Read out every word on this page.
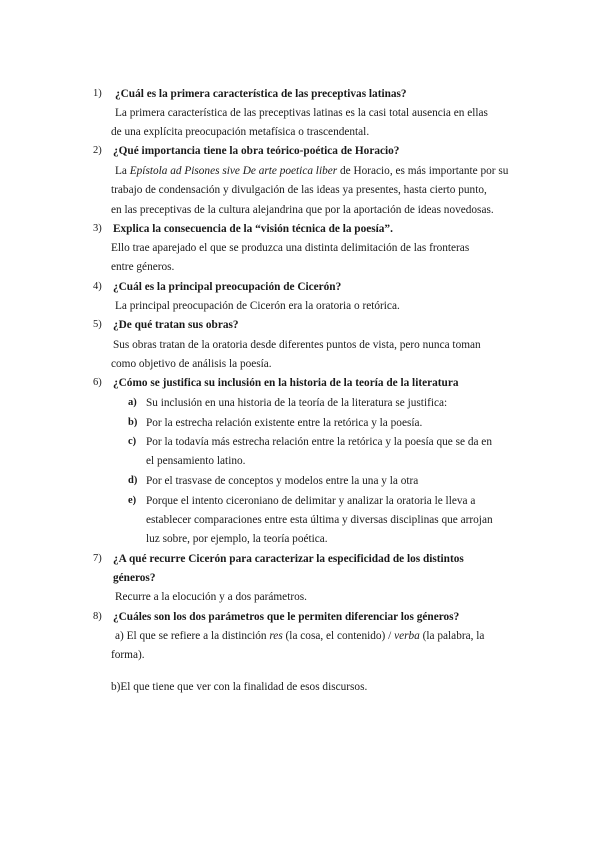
1) ¿Cuál es la primera característica de las preceptivas latinas?
La primera característica de las preceptivas latinas es la casi total ausencia en ellas
de una explícita preocupación metafísica o trascendental.
2) ¿Qué importancia tiene la obra teórico-poética de Horacio?
La Epístola ad Pisones sive De arte poetica liber de Horacio, es más importante por su
trabajo de condensación y divulgación de las ideas ya presentes, hasta cierto punto,
en las preceptivas de la cultura alejandrina que por la aportación de ideas novedosas.
3) Explica la consecuencia de la “visión técnica de la poesía”.
Ello trae aparejado el que se produzca una distinta delimitación de las fronteras
entre géneros.
4) ¿Cuál es la principal preocupación de Cicerón?
La principal preocupación de Cicerón era la oratoria o retórica.
5) ¿De qué tratan sus obras?
Sus obras tratan de la oratoria desde diferentes puntos de vista, pero nunca toman
como objetivo de análisis la poesía.
6) ¿Cómo se justifica su inclusión en la historia de la teoría de la literatura
a) Su inclusión en una historia de la teoría de la literatura se justifica:
b) Por la estrecha relación existente entre la retórica y la poesía.
c) Por la todavía más estrecha relación entre la retórica y la poesía que se da en
el pensamiento latino.
d) Por el trasvase de conceptos y modelos entre la una y la otra
e) Porque el intento ciceroniano de delimitar y analizar la oratoria le lleva a
establecer comparaciones entre esta última y diversas disciplinas que arrojan
luz sobre, por ejemplo, la teoría poética.
7) ¿A qué recurre Cicerón para caracterizar la especificidad de los distintos
géneros?
Recurre a la elocución y a dos parámetros.
8) ¿Cuáles son los dos parámetros que le permiten diferenciar los géneros?
a) El que se refiere a la distinción res (la cosa, el contenido) / verba (la palabra, la
forma).
b)El que tiene que ver con la finalidad de esos discursos.
